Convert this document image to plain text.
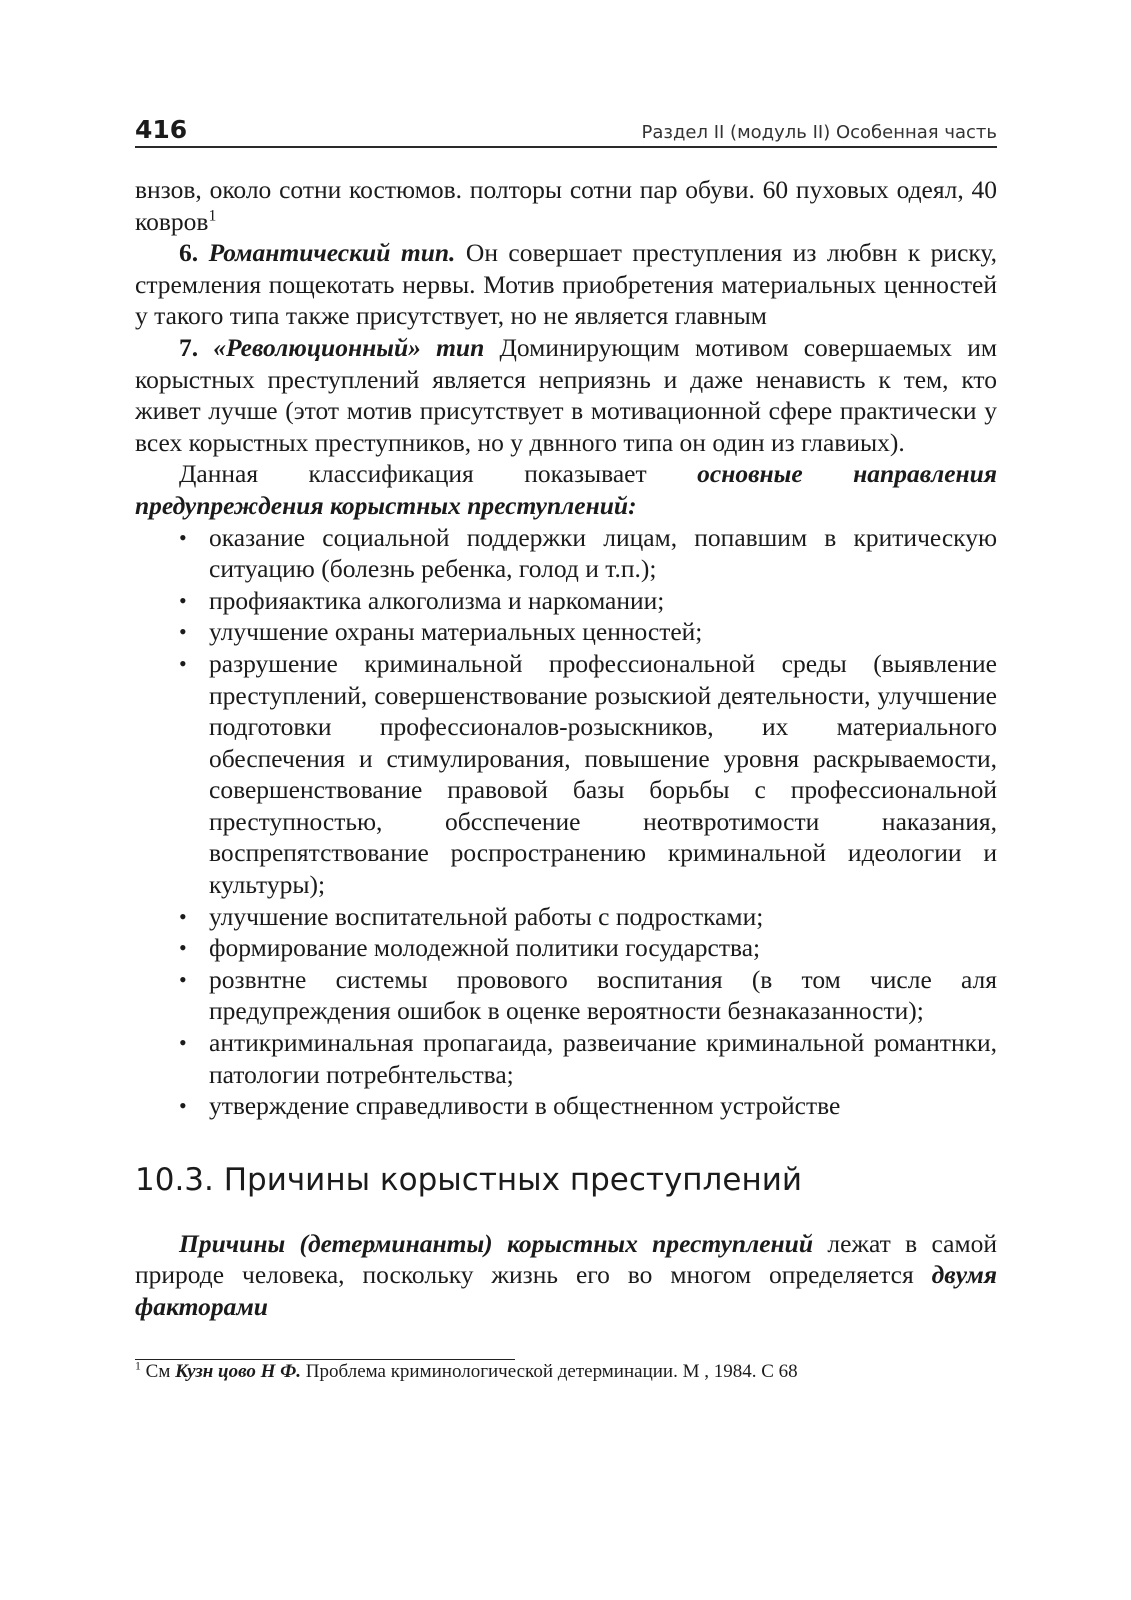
416	Раздел II (модуль II) Особенная часть

внзов, около сотни костюмов. полторы сотни пар обуви. 60 пуховых одеял, 40 ковров$^1$

6. Романтический тип. Он совершает преступления из любвн к риску, стремления пощекотать нервы. Мотив приобретения материальных ценностей у такого типа также присутствует, но не является главным

7. «Революционный» тип Доминирующим мотивом совершаемых им корыстных преступлений является неприязнь и даже ненависть к тем, кто живет лучше (этот мотив присутствует в мотивационной сфере практически у всех корыстных преступников, но у двнного типа он один из главиых).

Данная классификация показывает основные направления предупреждения корыстных преступлений:

• оказание социальной поддержки лицам, попавшим в критическую ситуацию (болезнь ребенка, голод и т.п.);
• профияактика алкоголизма и наркомании;
• улучшение охраны материальных ценностей;
• разрушение криминальной профессиональной среды (выявление преступлений, совершенствование розыскиой деятельности, улучшение подготовки профессионалов-розыскников, их материального обеспечения и стимулирования, повышение уровня раскрываемости, совершенствование правовой базы борьбы с профессиональной преступностью, обсспечение неотвротимости наказания, воспрепятствование роспространению криминальной идеологии и культуры);
• улучшение воспитательной работы с подростками;
• формирование молодежной политики государства;
• розвнтне системы провового воспитания (в том числе аля предупреждения ошибок в оценке вероятности безнаказанности);
• антикриминальная пропагаида, развеичание криминальной романтнки, патологии потребнтельства;
• утверждение справедливости в общестненном устройстве
10.3. Причины корыстных преступлений

Причины (детерминанты) корыстных преступлений лежат в самой природе человека, поскольку жизнь его во многом определяется двумя факторами

$^1$ См Кузн цово Н Ф. Проблема криминологической детерминации. М , 1984. С 68
